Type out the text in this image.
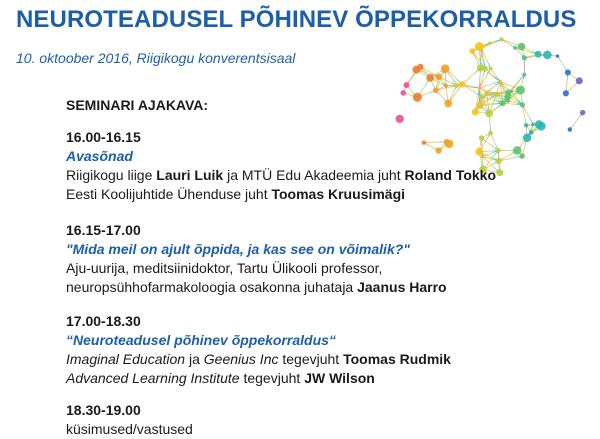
NEUROTEADUSEL PÕHINEV ÕPPEKORRALDUS

10. oktoober 2016, Riigikogu konverentsisaal

SEMINARI AJAKAVA:

16.00-16.15
Avasõnad
Riigikogu liige Lauri Luik ja MTÜ Edu Akadeemia juht Roland Tokko
Eesti Koolijuhtide Ühenduse juht Toomas Kruusimägi
16.15-17.00
"Mida meil on ajult õppida, ja kas see on võimalik?"
Aju-uurija, meditsiinidoktor, Tartu Ülikooli professor,
neuropsühhofarmakoloogia osakonna juhataja Jaanus Harro
17.00-18.30
“Neuroteadusel põhinev õppekorraldus“
Imaginal Education ja Geenius Inc tegevjuht Toomas Rudmik
Advanced Learning Institute tegevjuht JW Wilson
18.30-19.00
küsimused/vastused
